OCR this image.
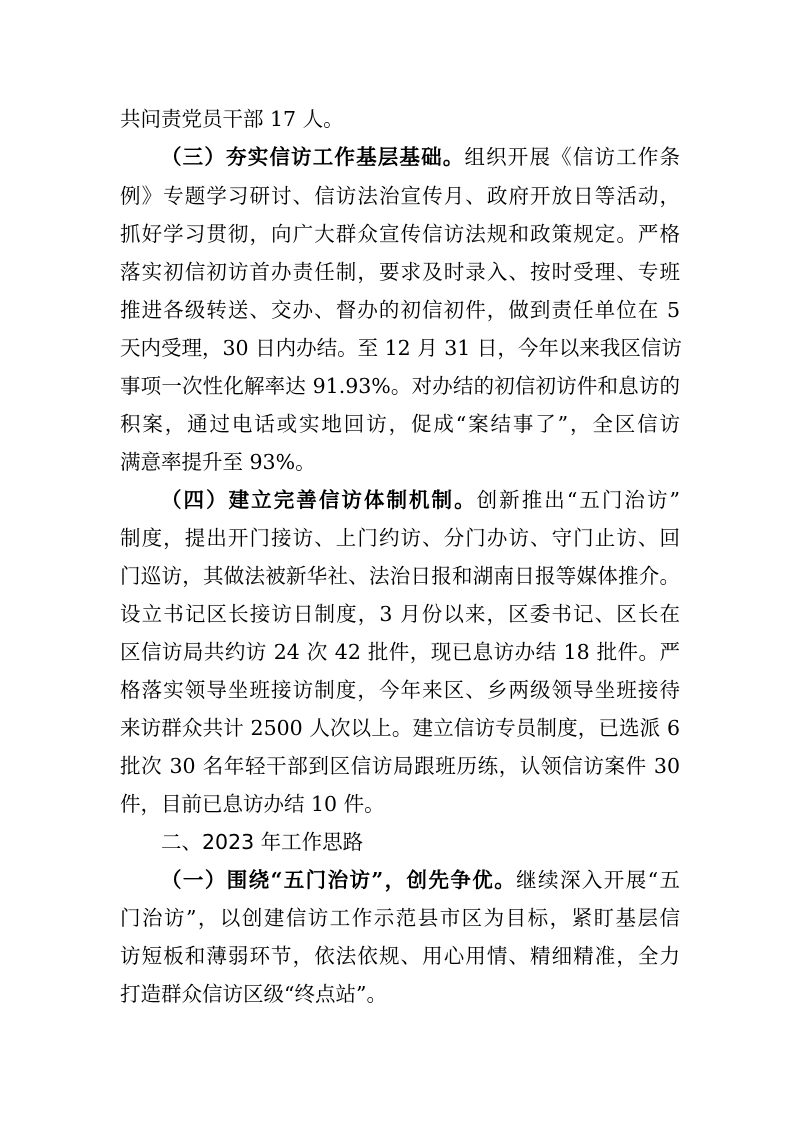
共问责党员干部 17 人。
（三）夯实信访工作基层基础。组织开展《信访工作条
例》专题学习研讨、信访法治宣传月、政府开放日等活动，
抓好学习贯彻，向广大群众宣传信访法规和政策规定。严格
落实初信初访首办责任制，要求及时录入、按时受理、专班
推进各级转送、交办、督办的初信初件，做到责任单位在 5
天内受理，30 日内办结。至 12 月 31 日，今年以来我区信访
事项一次性化解率达 91.93%。对办结的初信初访件和息访的
积案，通过电话或实地回访，促成“案结事了”，全区信访
满意率提升至 93%。
（四）建立完善信访体制机制。创新推出“五门治访”
制度，提出开门接访、上门约访、分门办访、守门止访、回
门巡访，其做法被新华社、法治日报和湖南日报等媒体推介。
设立书记区长接访日制度，3 月份以来，区委书记、区长在
区信访局共约访 24 次 42 批件，现已息访办结 18 批件。严
格落实领导坐班接访制度，今年来区、乡两级领导坐班接待
来访群众共计 2500 人次以上。建立信访专员制度，已选派 6
批次 30 名年轻干部到区信访局跟班历练，认领信访案件 30
件，目前已息访办结 10 件。
二、2023 年工作思路
（一）围绕“五门治访”，创先争优。继续深入开展“五
门治访”，以创建信访工作示范县市区为目标，紧盯基层信
访短板和薄弱环节，依法依规、用心用情、精细精准，全力
打造群众信访区级“终点站”。
